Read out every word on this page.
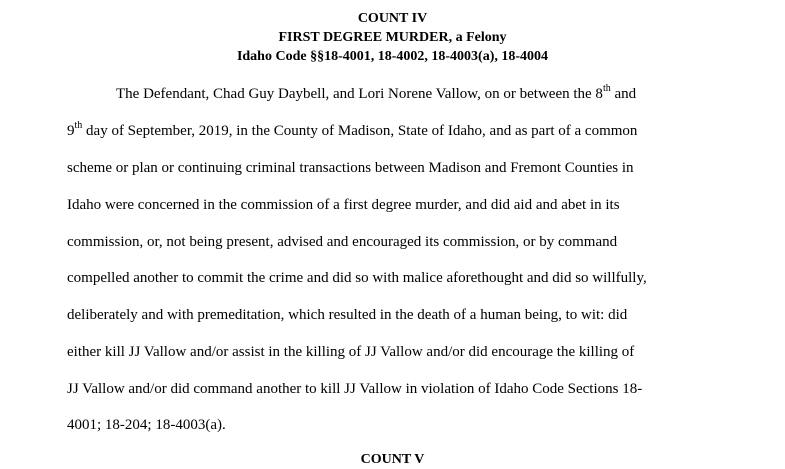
COUNT IV
FIRST DEGREE MURDER, a Felony
Idaho Code §§18-4001, 18-4002, 18-4003(a), 18-4004
The Defendant, Chad Guy Daybell, and Lori Norene Vallow, on or between the 8th and
9th day of September, 2019, in the County of Madison, State of Idaho, and as part of a common
scheme or plan or continuing criminal transactions between Madison and Fremont Counties in
Idaho were concerned in the commission of a first degree murder, and did aid and abet in its
commission, or, not being present, advised and encouraged its commission, or by command
compelled another to commit the crime and did so with malice aforethought and did so willfully,
deliberately and with premeditation, which resulted in the death of a human being, to wit: did
either kill JJ Vallow and/or assist in the killing of JJ Vallow and/or did encourage the killing of
JJ Vallow and/or did command another to kill JJ Vallow in violation of Idaho Code Sections 18-
4001; 18-204; 18-4003(a).
COUNT V
